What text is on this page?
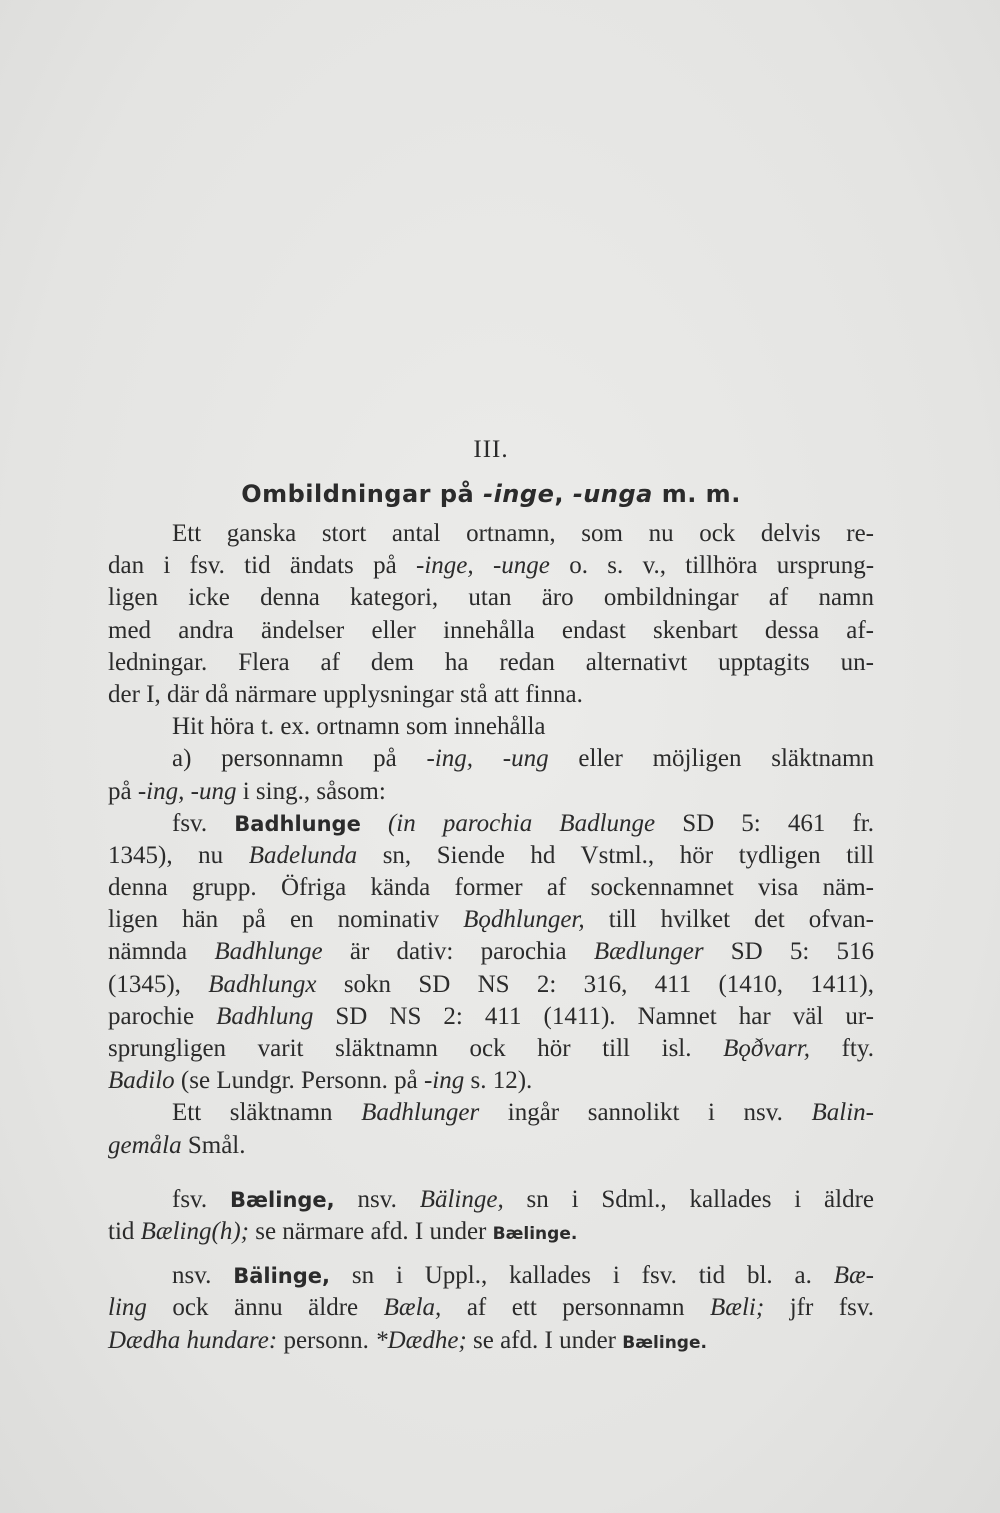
III.
Ombildningar på -inge, -unga m. m.
Ett ganska stort antal ortnamn, som nu ock delvis re-
dan i fsv. tid ändats på -inge, -unge o. s. v., tillhöra ursprung-
ligen icke denna kategori, utan äro ombildningar af namn
med andra ändelser eller innehålla endast skenbart dessa af-
ledningar. Flera af dem ha redan alternativt upptagits un-
der I, där då närmare upplysningar stå att finna.
Hit höra t. ex. ortnamn som innehålla
a) personnamn på -ing, -ung eller möjligen släktnamn
på -ing, -ung i sing., såsom:
fsv. Badhlunge (in parochia Badlunge SD 5: 461 fr.
1345), nu Badelunda sn, Siende hd Vstml., hör tydligen till
denna grupp. Öfriga kända former af sockennamnet visa näm-
ligen hän på en nominativ Bǫdhlunger, till hvilket det ofvan-
nämnda Badhlunge är dativ: parochia Bædlunger SD 5: 516
(1345), Badhlungx sokn SD NS 2: 316, 411 (1410, 1411),
parochie Badhlung SD NS 2: 411 (1411). Namnet har väl ur-
sprungligen varit släktnamn ock hör till isl. Bǫðvarr, fty.
Badilo (se Lundgr. Personn. på -ing s. 12).
Ett släktnamn Badhlunger ingår sannolikt i nsv. Balin-
gemåla Smål.
fsv. Bælinge, nsv. Bälinge, sn i Sdml., kallades i äldre
tid Bæling(h); se närmare afd. I under Bælinge.
nsv. Bälinge, sn i Uppl., kallades i fsv. tid bl. a. Bæ-
ling ock ännu äldre Bæla, af ett personnamn Bæli; jfr fsv.
Dædha hundare: personn. *Dædhe; se afd. I under Bælinge.
